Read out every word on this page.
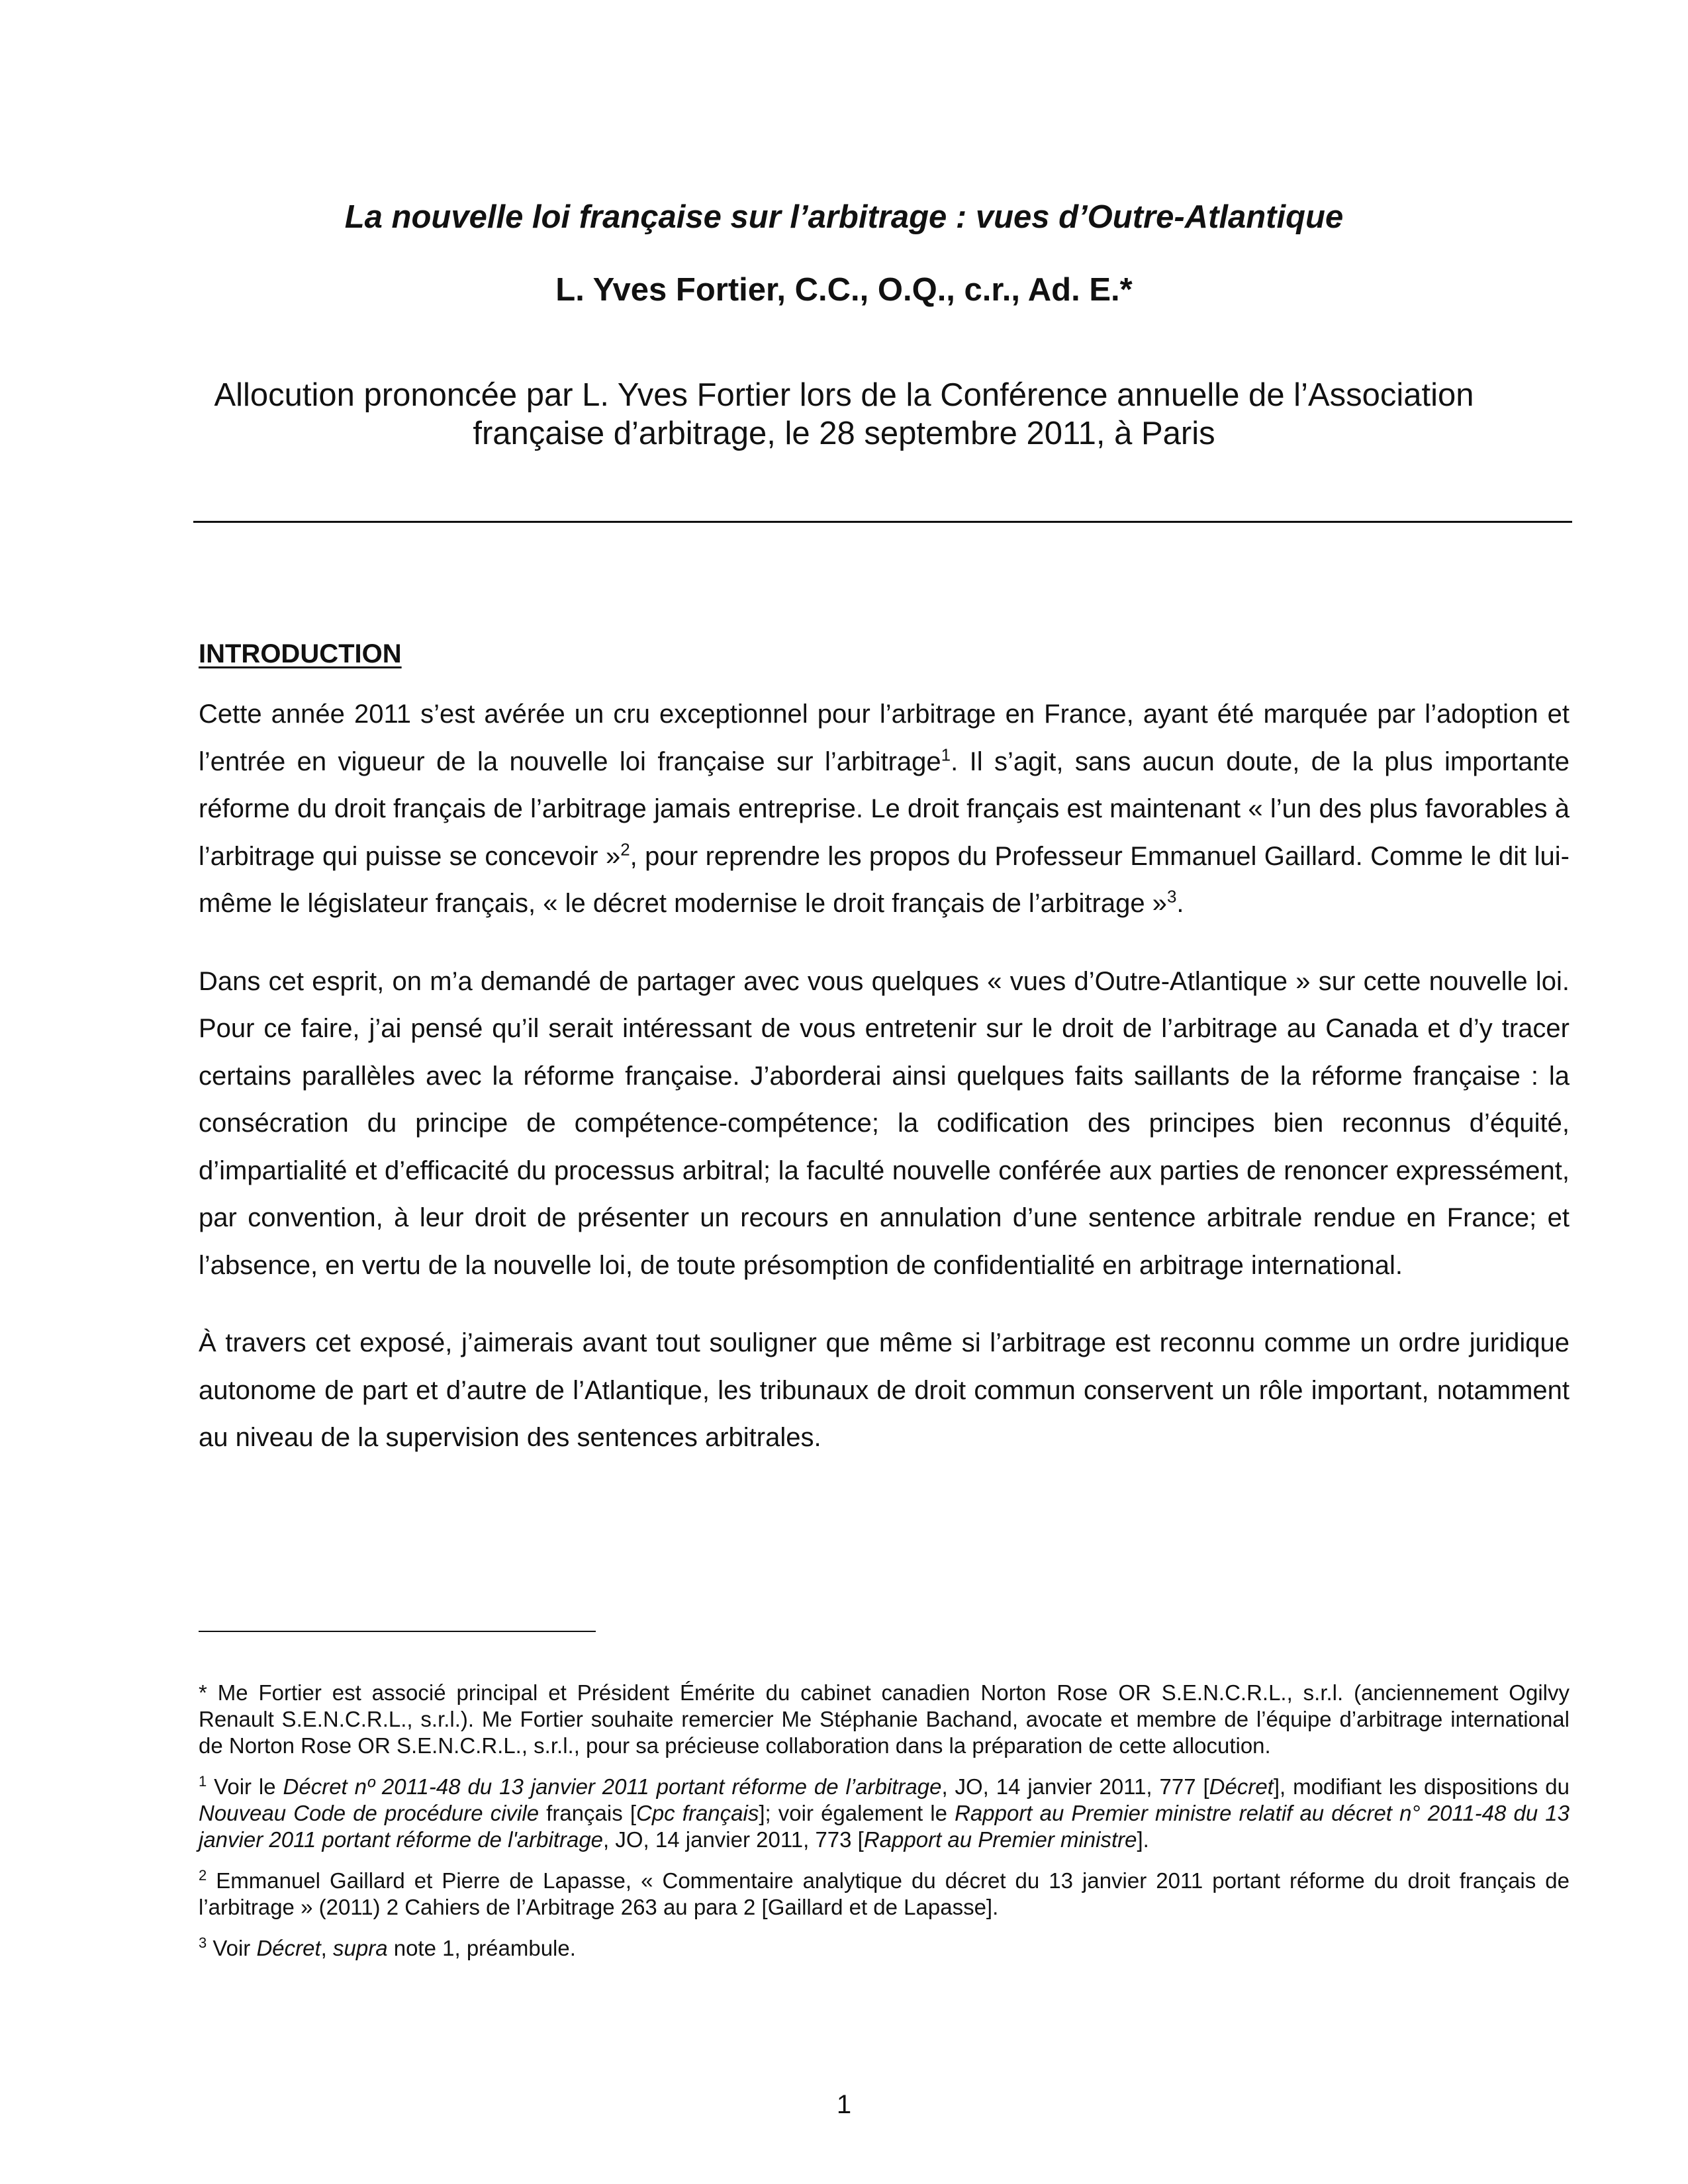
La nouvelle loi française sur l’arbitrage : vues d’Outre-Atlantique
L. Yves Fortier, C.C., O.Q., c.r., Ad. E.*
Allocution prononcée par L. Yves Fortier lors de la Conférence annuelle de l’Association
française d’arbitrage, le 28 septembre 2011, à Paris
INTRODUCTION

Cette année 2011 s’est avérée un cru exceptionnel pour l’arbitrage en France, ayant été marquée par l’adoption et l’entrée en vigueur de la nouvelle loi française sur l’arbitrage$^1$. Il s’agit, sans aucun doute, de la plus importante réforme du droit français de l’arbitrage jamais entreprise. Le droit français est maintenant « l’un des plus favorables à l’arbitrage qui puisse se concevoir »$^2$, pour reprendre les propos du Professeur Emmanuel Gaillard. Comme le dit lui-même le législateur français, « le décret modernise le droit français de l’arbitrage »$^3$.

Dans cet esprit, on m’a demandé de partager avec vous quelques « vues d’Outre-Atlantique » sur cette nouvelle loi. Pour ce faire, j’ai pensé qu’il serait intéressant de vous entretenir sur le droit de l’arbitrage au Canada et d’y tracer certains parallèles avec la réforme française. J’aborderai ainsi quelques faits saillants de la réforme française : la consécration du principe de compétence-compétence; la codification des principes bien reconnus d’équité, d’impartialité et d’efficacité du processus arbitral; la faculté nouvelle conférée aux parties de renoncer expressément, par convention, à leur droit de présenter un recours en annulation d’une sentence arbitrale rendue en France; et l’absence, en vertu de la nouvelle loi, de toute présomption de confidentialité en arbitrage international.

À travers cet exposé, j’aimerais avant tout souligner que même si l’arbitrage est reconnu comme un ordre juridique autonome de part et d’autre de l’Atlantique, les tribunaux de droit commun conservent un rôle important, notamment au niveau de la supervision des sentences arbitrales.

* Me Fortier est associé principal et Président Émérite du cabinet canadien Norton Rose OR S.E.N.C.R.L., s.r.l. (anciennement Ogilvy Renault S.E.N.C.R.L., s.r.l.). Me Fortier souhaite remercier Me Stéphanie Bachand, avocate et membre de l’équipe d’arbitrage international de Norton Rose OR S.E.N.C.R.L., s.r.l., pour sa précieuse collaboration dans la préparation de cette allocution.

$^1$ Voir le Décret nº 2011-48 du 13 janvier 2011 portant réforme de l’arbitrage, JO, 14 janvier 2011, 777 [Décret], modifiant les dispositions du Nouveau Code de procédure civile français [Cpc français]; voir également le Rapport au Premier ministre relatif au décret n° 2011-48 du 13 janvier 2011 portant réforme de l'arbitrage, JO, 14 janvier 2011, 773 [Rapport au Premier ministre].

$^2$ Emmanuel Gaillard et Pierre de Lapasse, « Commentaire analytique du décret du 13 janvier 2011 portant réforme du droit français de l’arbitrage » (2011) 2 Cahiers de l’Arbitrage 263 au para 2 [Gaillard et de Lapasse].

$^3$ Voir Décret, supra note 1, préambule.

1
